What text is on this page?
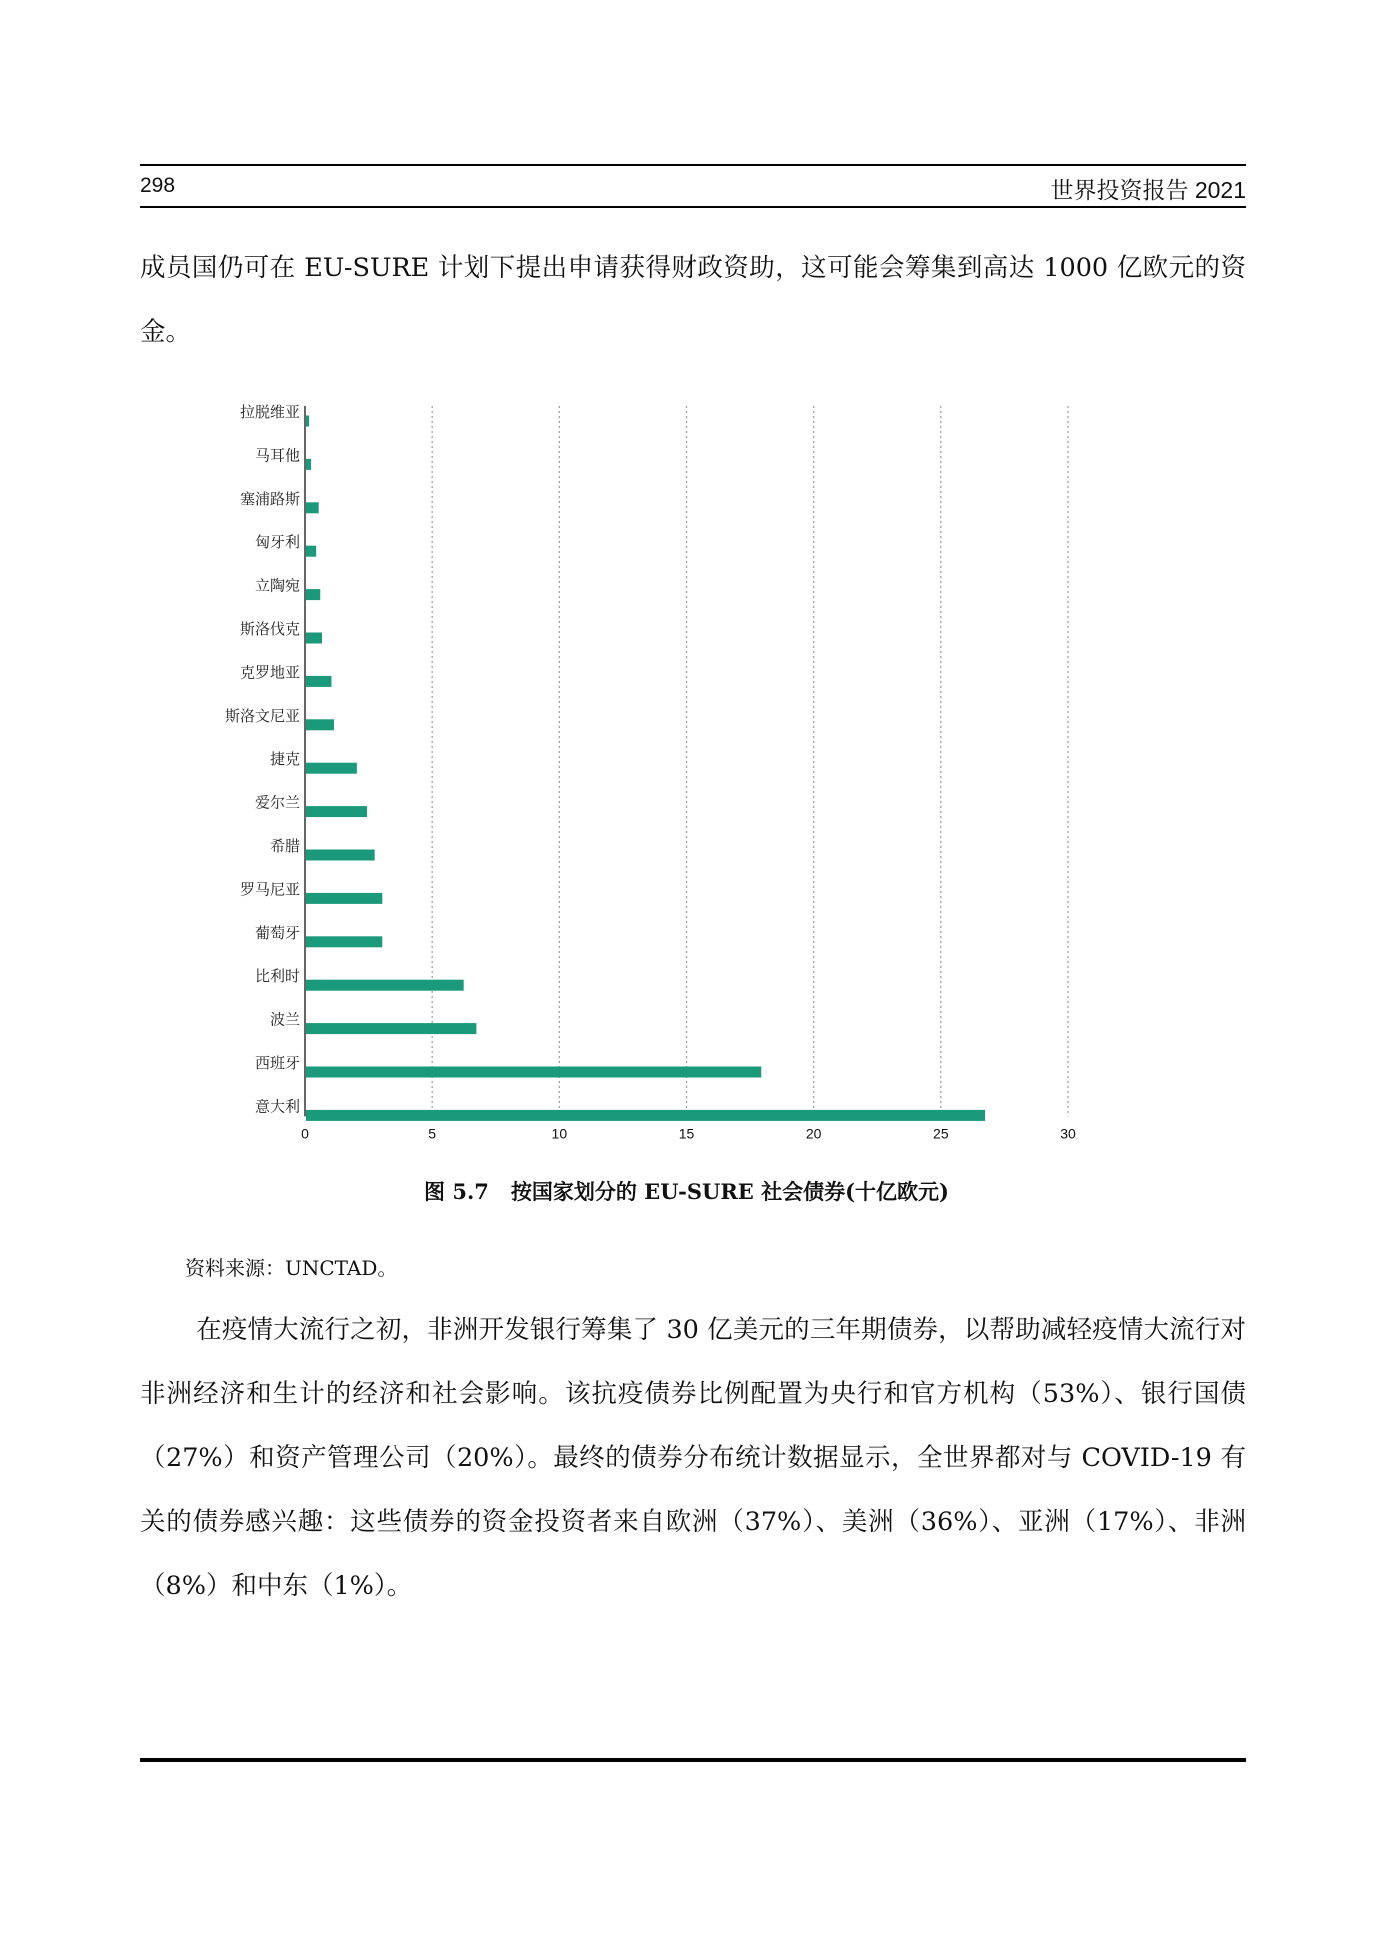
298	世界投资报告 2021

成员国仍可在 EU-SURE 计划下提出申请获得财政资助，这可能会筹集到高达 1000 亿欧元的资金。

拉脱维亚
马耳他
塞浦路斯
匈牙利
立陶宛
斯洛伐克
克罗地亚
斯洛文尼亚
捷克
爱尔兰
希腊
罗马尼亚
葡萄牙
比利时
波兰
西班牙
意大利
0	5	10	15	20	25	30
图 5.7 按国家划分的 EU-SURE 社会债券(十亿欧元)
资料来源：UNCTAD。

在疫情大流行之初，非洲开发银行筹集了 30 亿美元的三年期债券，以帮助减轻疫情大流行对非洲经济和生计的经济和社会影响。该抗疫债券比例配置为央行和官方机构（53%）、银行国债（27%）和资产管理公司（20%）。最终的债券分布统计数据显示，全世界都对与 COVID-19 有关的债券感兴趣：这些债券的资金投资者来自欧洲（37%）、美洲（36%）、亚洲（17%）、非洲（8%）和中东（1%）。
